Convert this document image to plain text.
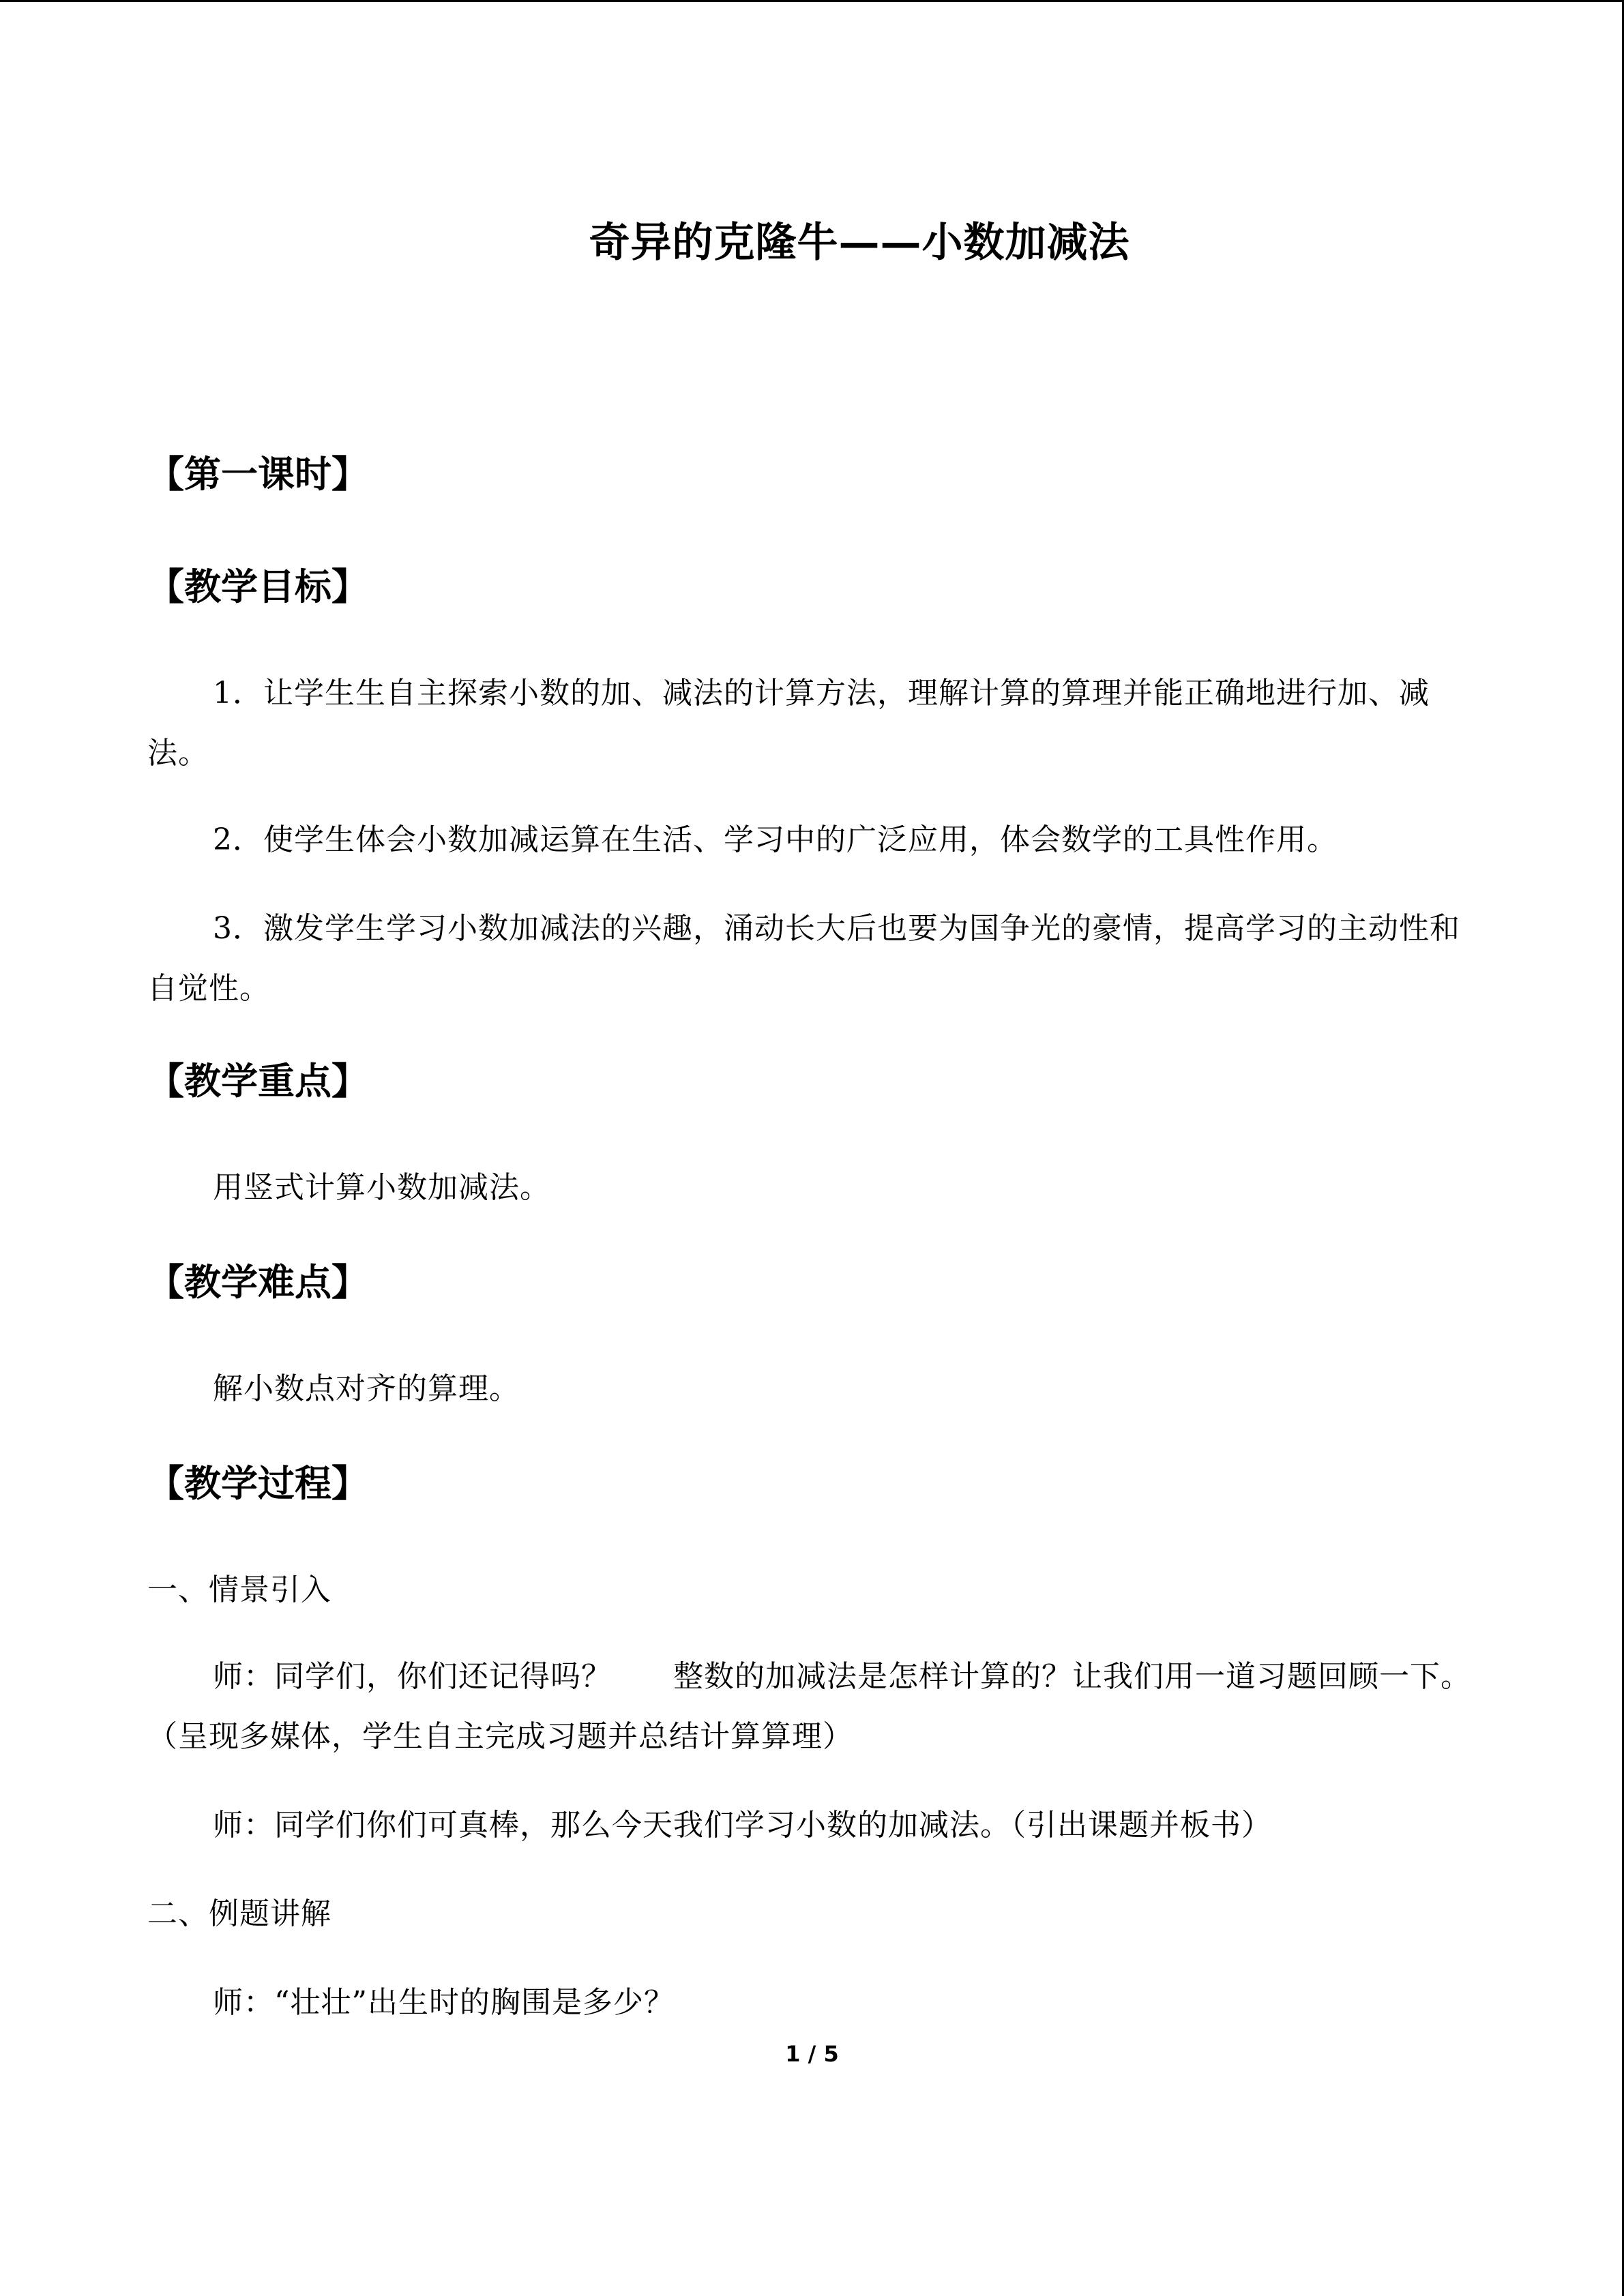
奇异的克隆牛——小数加减法
【第一课时】
【教学目标】
1．让学生生自主探索小数的加、减法的计算方法，理解计算的算理并能正确地进行加、减法。
2．使学生体会小数加减运算在生活、学习中的广泛应用，体会数学的工具性作用。
3．激发学生学习小数加减法的兴趣，涌动长大后也要为国争光的豪情，提高学习的主动性和自觉性。
【教学重点】
用竖式计算小数加减法。
【教学难点】
解小数点对齐的算理。
【教学过程】
一、情景引入
师：同学们，你们还记得吗？　　整数的加减法是怎样计算的？让我们用一道习题回顾一下。（呈现多媒体，学生自主完成习题并总结计算算理）
师：同学们你们可真棒，那么今天我们学习小数的加减法。（引出课题并板书）
二、例题讲解
师：“壮壮”出生时的胸围是多少？
1 / 5
